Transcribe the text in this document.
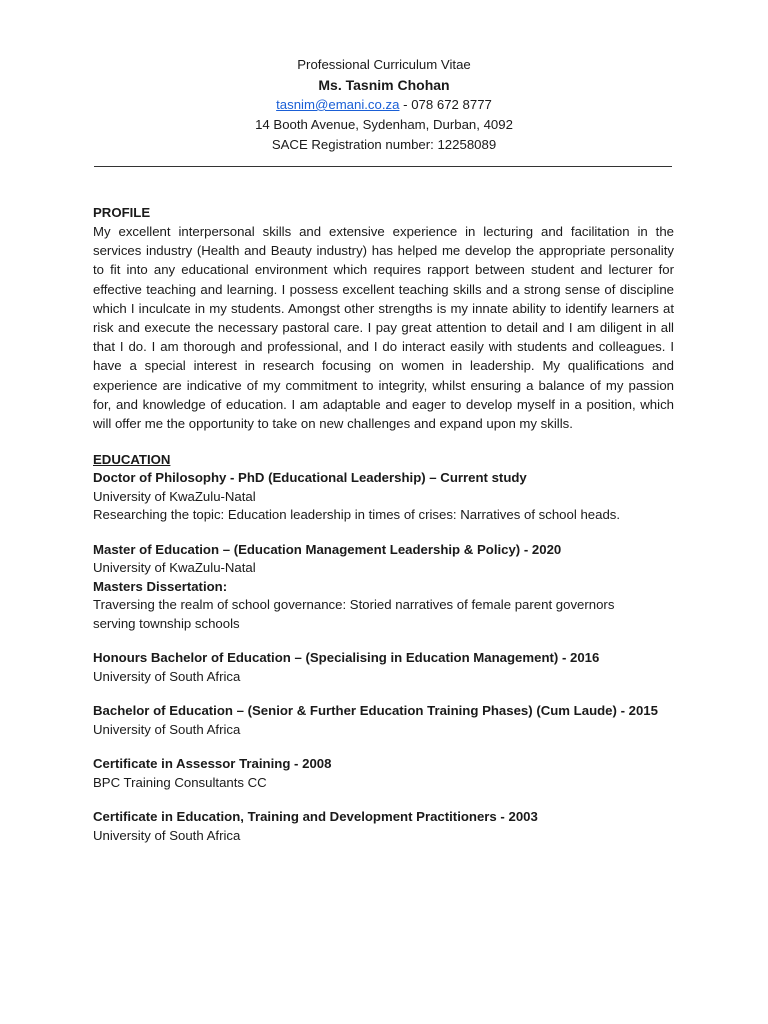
Professional Curriculum Vitae
Ms. Tasnim Chohan
tasnim@emani.co.za - 078 672 8777
14 Booth Avenue, Sydenham, Durban, 4092
SACE Registration number: 12258089
PROFILE

My excellent interpersonal skills and extensive experience in lecturing and facilitation in the services industry (Health and Beauty industry) has helped me develop the appropriate personality to fit into any educational environment which requires rapport between student and lecturer for effective teaching and learning. I possess excellent teaching skills and a strong sense of discipline which I inculcate in my students. Amongst other strengths is my innate ability to identify learners at risk and execute the necessary pastoral care. I pay great attention to detail and I am diligent in all that I do. I am thorough and professional, and I do interact easily with students and colleagues. I have a special interest in research focusing on women in leadership. My qualifications and experience are indicative of my commitment to integrity, whilst ensuring a balance of my passion for, and knowledge of education. I am adaptable and eager to develop myself in a position, which will offer me the opportunity to take on new challenges and expand upon my skills.

EDUCATION
Doctor of Philosophy - PhD (Educational Leadership) – Current study
University of KwaZulu-Natal
Researching the topic: Education leadership in times of crises: Narratives of school heads.
Master of Education – (Education Management Leadership & Policy) - 2020
University of KwaZulu-Natal
Masters Dissertation:
Traversing the realm of school governance: Storied narratives of female parent governors
serving township schools
Honours Bachelor of Education – (Specialising in Education Management) - 2016
University of South Africa
Bachelor of Education – (Senior & Further Education Training Phases) (Cum Laude) - 2015
University of South Africa
Certificate in Assessor Training - 2008
BPC Training Consultants CC
Certificate in Education, Training and Development Practitioners - 2003
University of South Africa
